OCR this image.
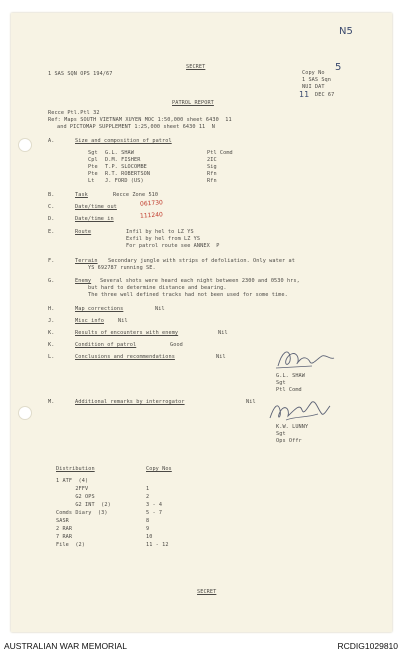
N5
SECRET
1 SAS SQN OPS 194/67	Copy No 5
1 SAS Sqn
NUI DAT
11 DEC 67
PATROL REPORT
Recce Ptl.Ptl 32
Ref: Maps SOUTH VIETNAM XUYEN MOC 1:50,000 sheet 6430  11
and PICTOMAP SUPPLEMENT 1:25,000 sheet 6430 11  N
A.	Size and composition of patrol
Sgt G.L. SHAW	Ptl Comd
Cpl D.M. FISHER	2IC
Pte T.P. SLOCOMBE	Sig
Pte R.T. ROBERTSON	Rfn
Lt J. FORD (US)	Rfn
B.	Task	Recce Zone 510
C.	Date/time out	061730
D.	Date/time in	111240
E.	Route	Infil by hel to LZ YS
Exfil by hel from LZ YS
For patrol route see ANNEX  P
F.	Terrain Secondary jungle with strips of defoliation. Only water at
YS 692787 running SE.
G.	Enemy Several shots were heard each night between 2300 and 0530 hrs,
but hard to determine distance and bearing.
The three well defined tracks had not been used for some time.
H.	Map corrections	Nil
J.	Misc info	Nil
K.	Results of encounters with enemy	Nil
K.	Condition of patrol	Good
L.	Conclusions and recommendations	Nil
G.L. SHAW
Sgt
Ptl Comd
M.	Additional remarks by interrogator	Nil
K.W. LUNNY
Sgt
Ops Offr
Distribution	Copy Nos
1 ATF  (4)
2FFV	1
G2 OPS	2
G2 INT  (2)	3 - 4
Comds Diary  (3)	5 - 7
SASR	8
2 RAR	9
7 RAR	10
File  (2)	11 - 12
SECRET
AUSTRALIAN WAR MEMORIAL	RCDIG1029810
